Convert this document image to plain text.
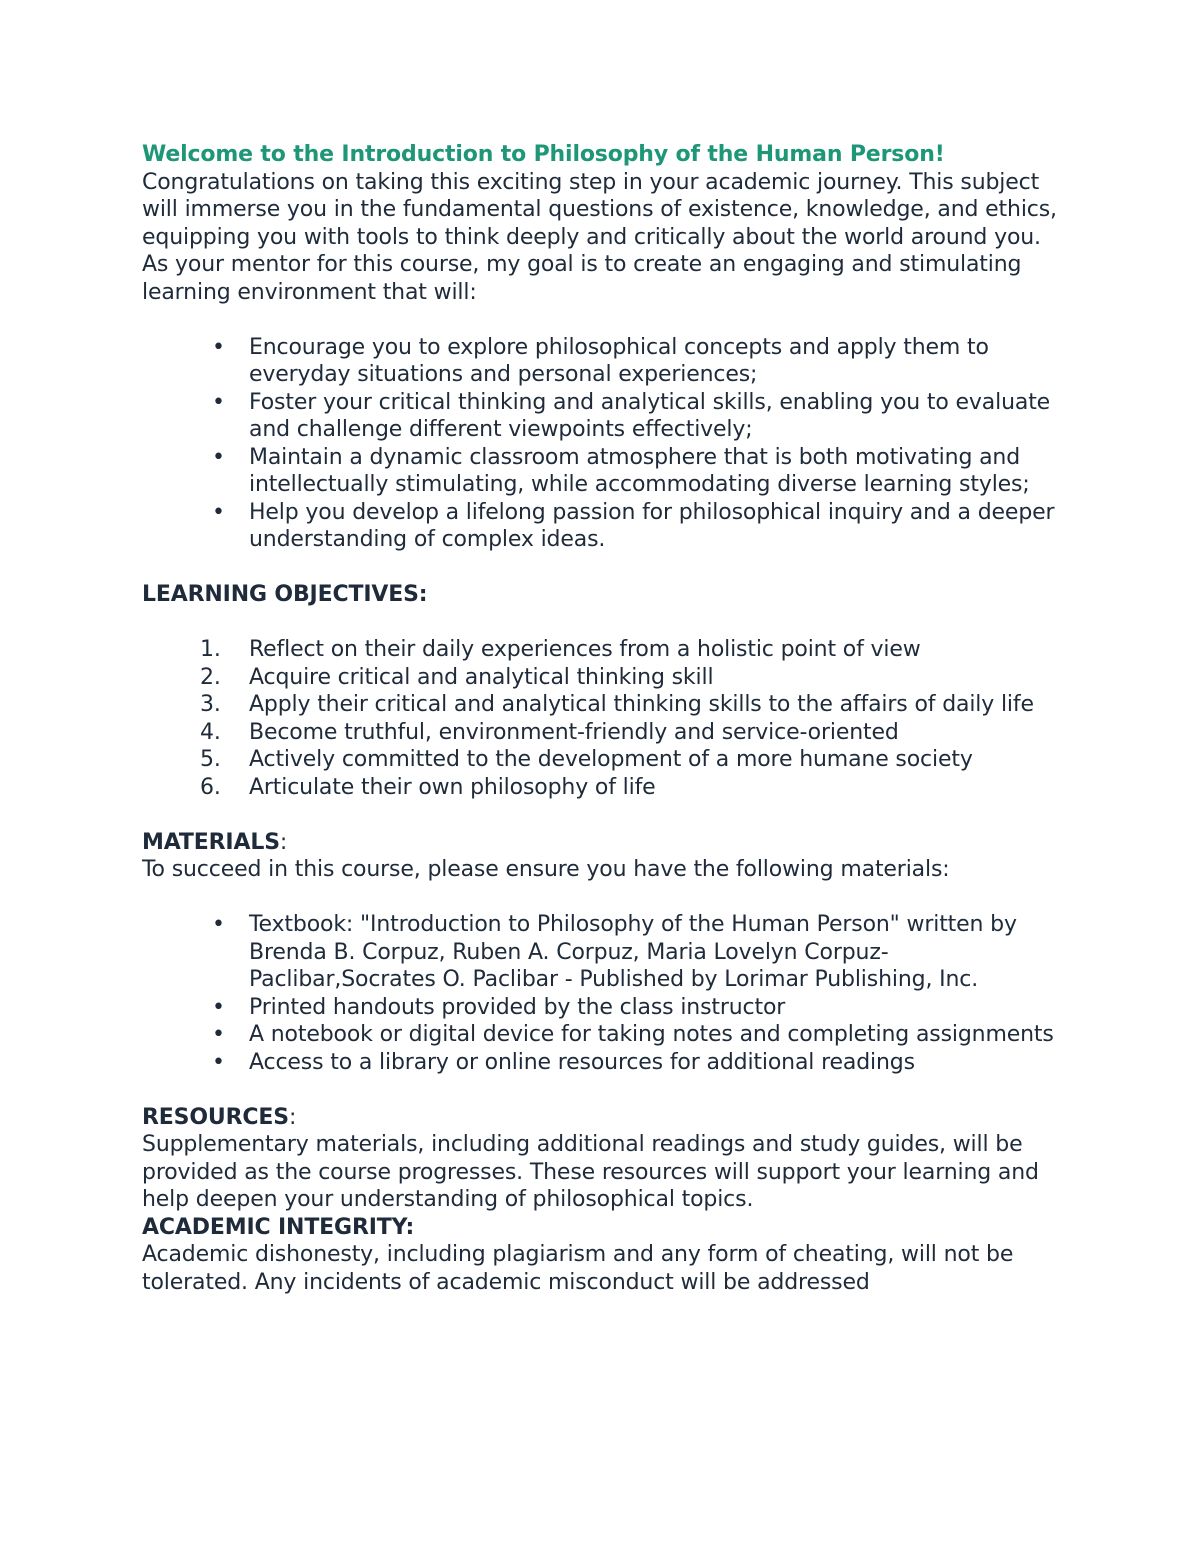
Welcome to the Introduction to Philosophy of the Human Person!

Congratulations on taking this exciting step in your academic journey. This subject will immerse you in the fundamental questions of existence, knowledge, and ethics, equipping you with tools to think deeply and critically about the world around you.

As your mentor for this course, my goal is to create an engaging and stimulating learning environment that will:

•	Encourage you to explore philosophical concepts and apply them to everyday situations and personal experiences;
•	Foster your critical thinking and analytical skills, enabling you to evaluate and challenge different viewpoints effectively;
•	Maintain a dynamic classroom atmosphere that is both motivating and intellectually stimulating, while accommodating diverse learning styles;
•	Help you develop a lifelong passion for philosophical inquiry and a deeper understanding of complex ideas.

LEARNING OBJECTIVES:

1.	Reflect on their daily experiences from a holistic point of view
2.	Acquire critical and analytical thinking skill
3.	Apply their critical and analytical thinking skills to the affairs of daily life
4.	Become truthful, environment-friendly and service-oriented
5.	Actively committed to the development of a more humane society
6.	Articulate their own philosophy of life

MATERIALS:

To succeed in this course, please ensure you have the following materials:

•	Textbook: "Introduction to Philosophy of the Human Person" written by Brenda B. Corpuz, Ruben A. Corpuz, Maria Lovelyn Corpuz-Paclibar,Socrates O. Paclibar - Published by Lorimar Publishing, Inc.
•	Printed handouts provided by the class instructor
•	A notebook or digital device for taking notes and completing assignments
•	Access to a library or online resources for additional readings

RESOURCES:

Supplementary materials, including additional readings and study guides, will be provided as the course progresses. These resources will support your learning and help deepen your understanding of philosophical topics.

ACADEMIC INTEGRITY:

Academic dishonesty, including plagiarism and any form of cheating, will not be tolerated. Any incidents of academic misconduct will be addressed
